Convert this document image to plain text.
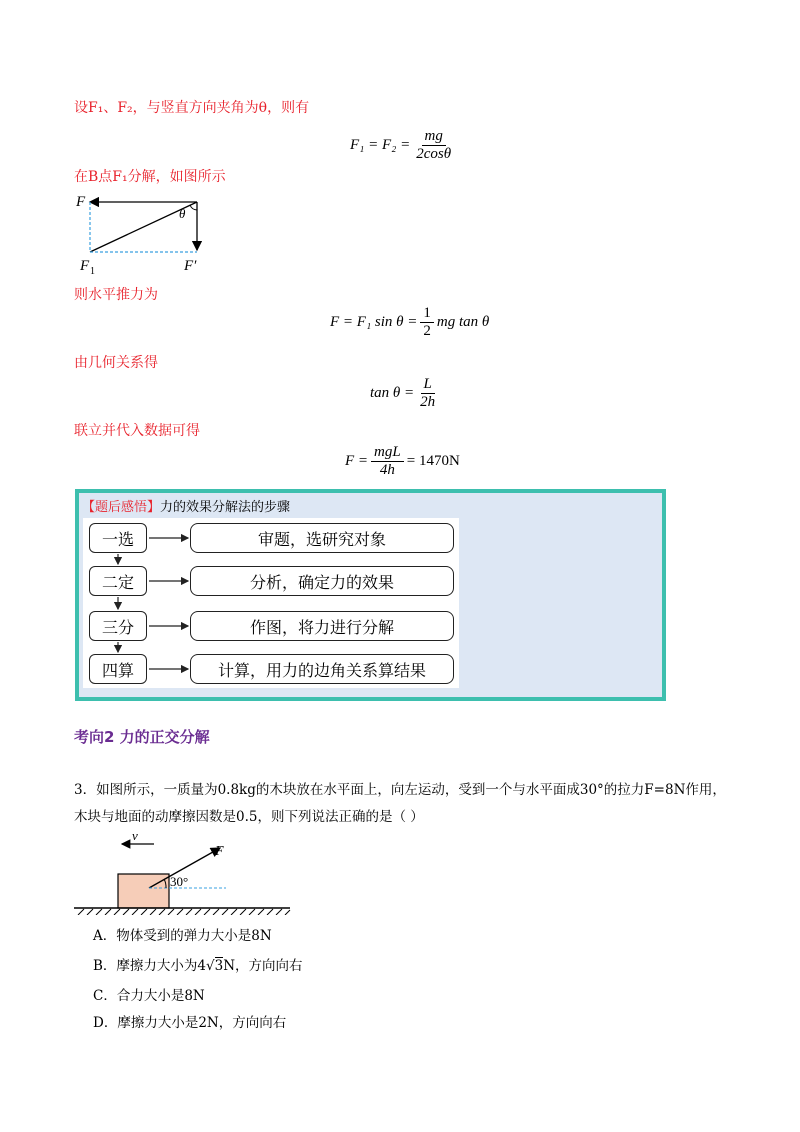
设F₁、F₂，与竖直方向夹角为θ，则有
$F_1 = F_2 = \frac{mg}{2\cos\theta}$
在B点F₁分解，如图所示
θ
F
F 1	F′
则水平推力为
F = F₁ $\sin \theta = \frac{1}{2}$ mg tan θ
由几何关系得
$\tan \theta = \frac{L}{2h}$
联立并代入数据可得
$F = \frac{\text{mgL}}{4h} = 1470N$
【题后感悟】力的效果分解法的步骤
一选	审题，选研究对象
二定	分析，确定力的效果
三分	作图，将力进行分解
四算	计算，用力的边角关系算结果
考向2 力的正交分解
3．如图所示，一质量为0.8kg的木块放在水平面上，向左运动，受到一个与水平面成30°的拉力F=8N作用，木块与地面的动摩擦因数是0.5，则下列说法正确的是（ ）
v
F
30°
A．物体受到的弹力大小是8N
B．摩擦力大小为4√3N，方向向右
C．合力大小是8N
D．摩擦力大小是2N，方向向右
